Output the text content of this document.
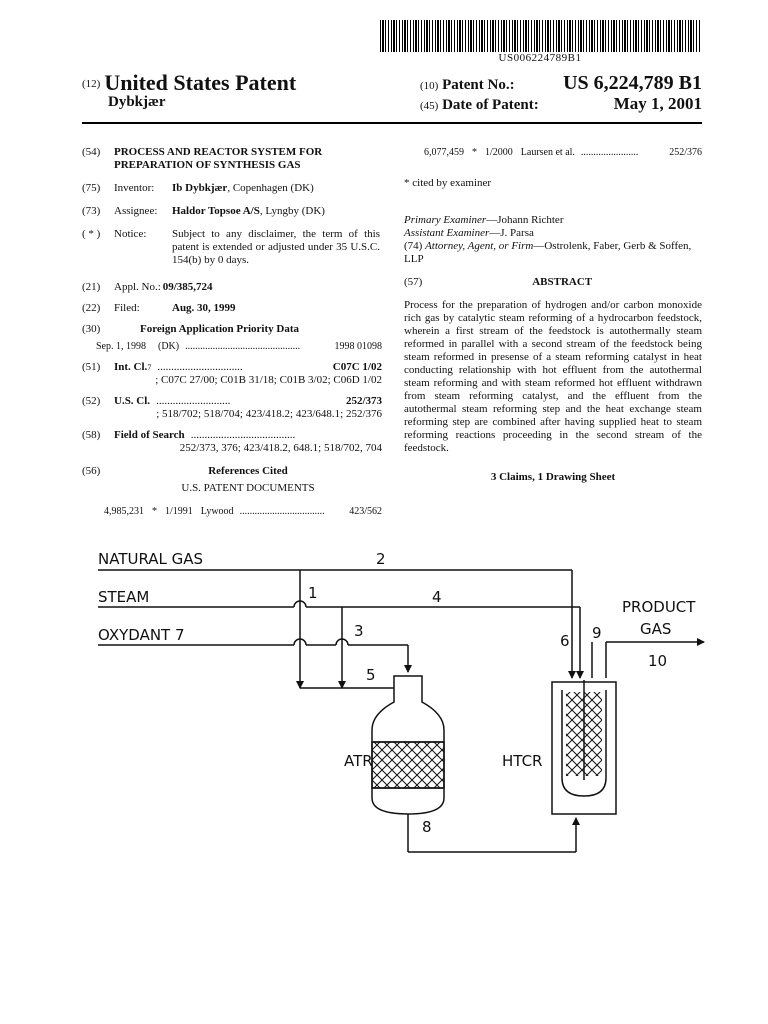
US006224789B1
(12) United States Patent
Dybkjær
(10) Patent No.: US 6,224,789 B1
(45) Date of Patent:	May 1, 2001
(54)	PROCESS AND REACTOR SYSTEM FOR PREPARATION OF SYNTHESIS GAS
(75)	Inventor:	Ib Dybkjær, Copenhagen (DK)
(73)	Assignee:	Haldor Topsoe A/S, Lyngby (DK)
( * )	Notice:	Subject to any disclaimer, the term of this patent is extended or adjusted under 35 U.S.C. 154(b) by 0 days.
(21)	Appl. No.: 09/385,724
(22)	Filed:	Aug. 30, 1999
(30)	Foreign Application Priority Data
Sep. 1, 1998 (DK) ..............................................	1998 01098
(51)	Int. Cl. 7 ...............................	C07C 1/02
; C07C 27/00; C01B 31/18; C01B 3/02; C06D 1/02
(52)	U.S. Cl. ...........................	252/373
; 518/702; 518/704; 423/418.2; 423/648.1; 252/376
(58)	Field of Search ......................................
252/373, 376; 423/418.2, 648.1; 518/702, 704
(56)	References Cited
U.S. PATENT DOCUMENTS
4,985,231 * 1/1991 Lywood ..................................	423/562
6,077,459 * 1/2000 Laursen et al. .......................	252/376
* cited by examiner
Primary Examiner—Johann Richter
Assistant Examiner—J. Parsa
(74) Attorney, Agent, or Firm—Ostrolenk, Faber, Gerb & Soffen, LLP
(57)	ABSTRACT
Process for the preparation of hydrogen and/or carbon monoxide rich gas by catalytic steam reforming of a hydrocarbon feedstock, wherein a first stream of the feedstock is autothermally steam reformed in parallel with a second stream of the feedstock being steam reformed in presense of a steam reforming catalyst in heat conducting relationship with hot effluent from the autothermal steam reforming and with steam reformed hot effluent withdrawn from steam reforming catalyst, and the effluent from the autothermal steam reforming step and the heat exchange steam reforming step are combined after having supplied heat to steam reforming reactions proceeding in the second stream of the feedstock.
3 Claims, 1 Drawing Sheet
NATURAL GAS
STEAM
OXYDANT 7
PRODUCT
GAS
ATR	HTCR
1
2
3
4
5
6
8
9
10
